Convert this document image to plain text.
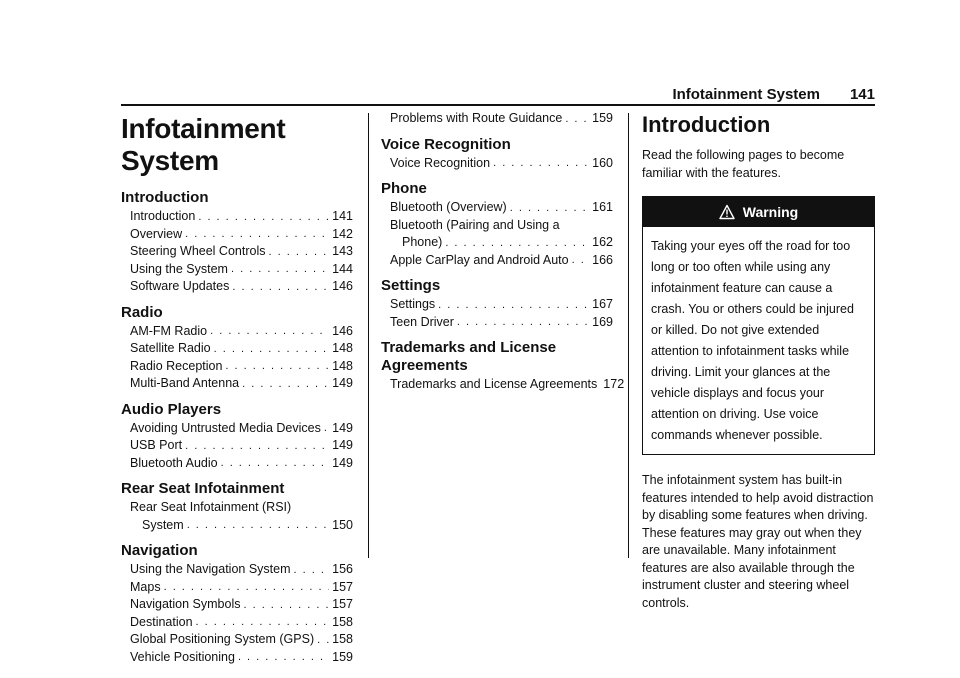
Infotainment System 141
Infotainment System
Introduction
Introduction . . .	141
Overview . . .	142
Steering Wheel Controls . . .	143
Using the System . . .	144
Software Updates . . .	146
Radio
AM-FM Radio . . .	146
Satellite Radio . . .	148
Radio Reception . . .	148
Multi-Band Antenna . . .	149
Audio Players
Avoiding Untrusted Media Devices . . . 149
USB Port . . .	149
Bluetooth Audio . . .	149
Rear Seat Infotainment
Rear Seat Infotainment (RSI)
System . . .	150
Navigation
Using the Navigation System . . .	156
Maps . . .	157
Navigation Symbols . . .	157
Destination . . .	158
Global Positioning System (GPS) . . . 158
Vehicle Positioning . . .	159
Problems with Route Guidance . . . 159
Voice Recognition
Voice Recognition . . .	160
Phone
Bluetooth (Overview) . . .	161
Bluetooth (Pairing and Using a
Phone) . . .	162
Apple CarPlay and Android Auto . . . 166
Settings
Settings . . .	167
Teen Driver . . .	169
Trademarks and License Agreements
Trademarks and License Agreements 172
Introduction

Read the following pages to become familiar with the features.

Warning
Taking your eyes off the road for too long or too often while using any infotainment feature can cause a crash. You or others could be injured or killed. Do not give extended attention to infotainment tasks while driving. Limit your glances at the vehicle displays and focus your attention on driving. Use voice commands whenever possible.

The infotainment system has built-in features intended to help avoid distraction by disabling some features when driving. These features may gray out when they are unavailable. Many infotainment features are also available through the instrument cluster and steering wheel controls.
